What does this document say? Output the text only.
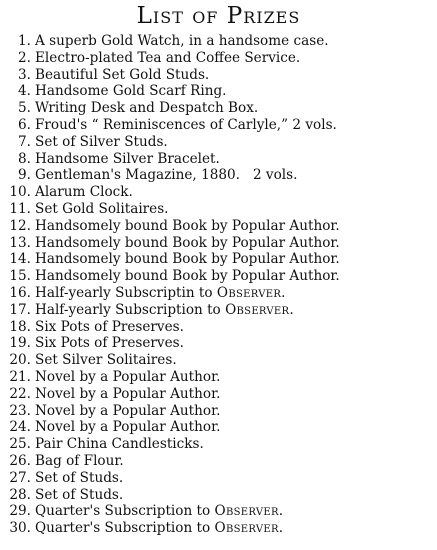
List of Prizes
1. A superb Gold Watch, in a handsome case.
2. Electro-plated Tea and Coffee Service.
3. Beautiful Set Gold Studs.
4. Handsome Gold Scarf Ring.
5. Writing Desk and Despatch Box.
6. Froud's “ Reminiscences of Carlyle,” 2 vols.
7. Set of Silver Studs.
8. Handsome Silver Bracelet.
9. Gentleman's Magazine, 1880.   2 vols.
10. Alarum Clock.
11. Set Gold Solitaires.
12. Handsomely bound Book by Popular Author.
13. Handsomely bound Book by Popular Author.
14. Handsomely bound Book by Popular Author.
15. Handsomely bound Book by Popular Author.
16. Half-yearly Subscriptin to Observer.
17. Half-yearly Subscription to Observer.
18. Six Pots of Preserves.
19. Six Pots of Preserves.
20. Set Silver Solitaires.
21. Novel by a Popular Author.
22. Novel by a Popular Author.
23. Novel by a Popular Author.
24. Novel by a Popular Author.
25. Pair China Candlesticks.
26. Bag of Flour.
27. Set of Studs.
28. Set of Studs.
29. Quarter's Subscription to Observer.
30. Quarter's Subscription to Observer.
